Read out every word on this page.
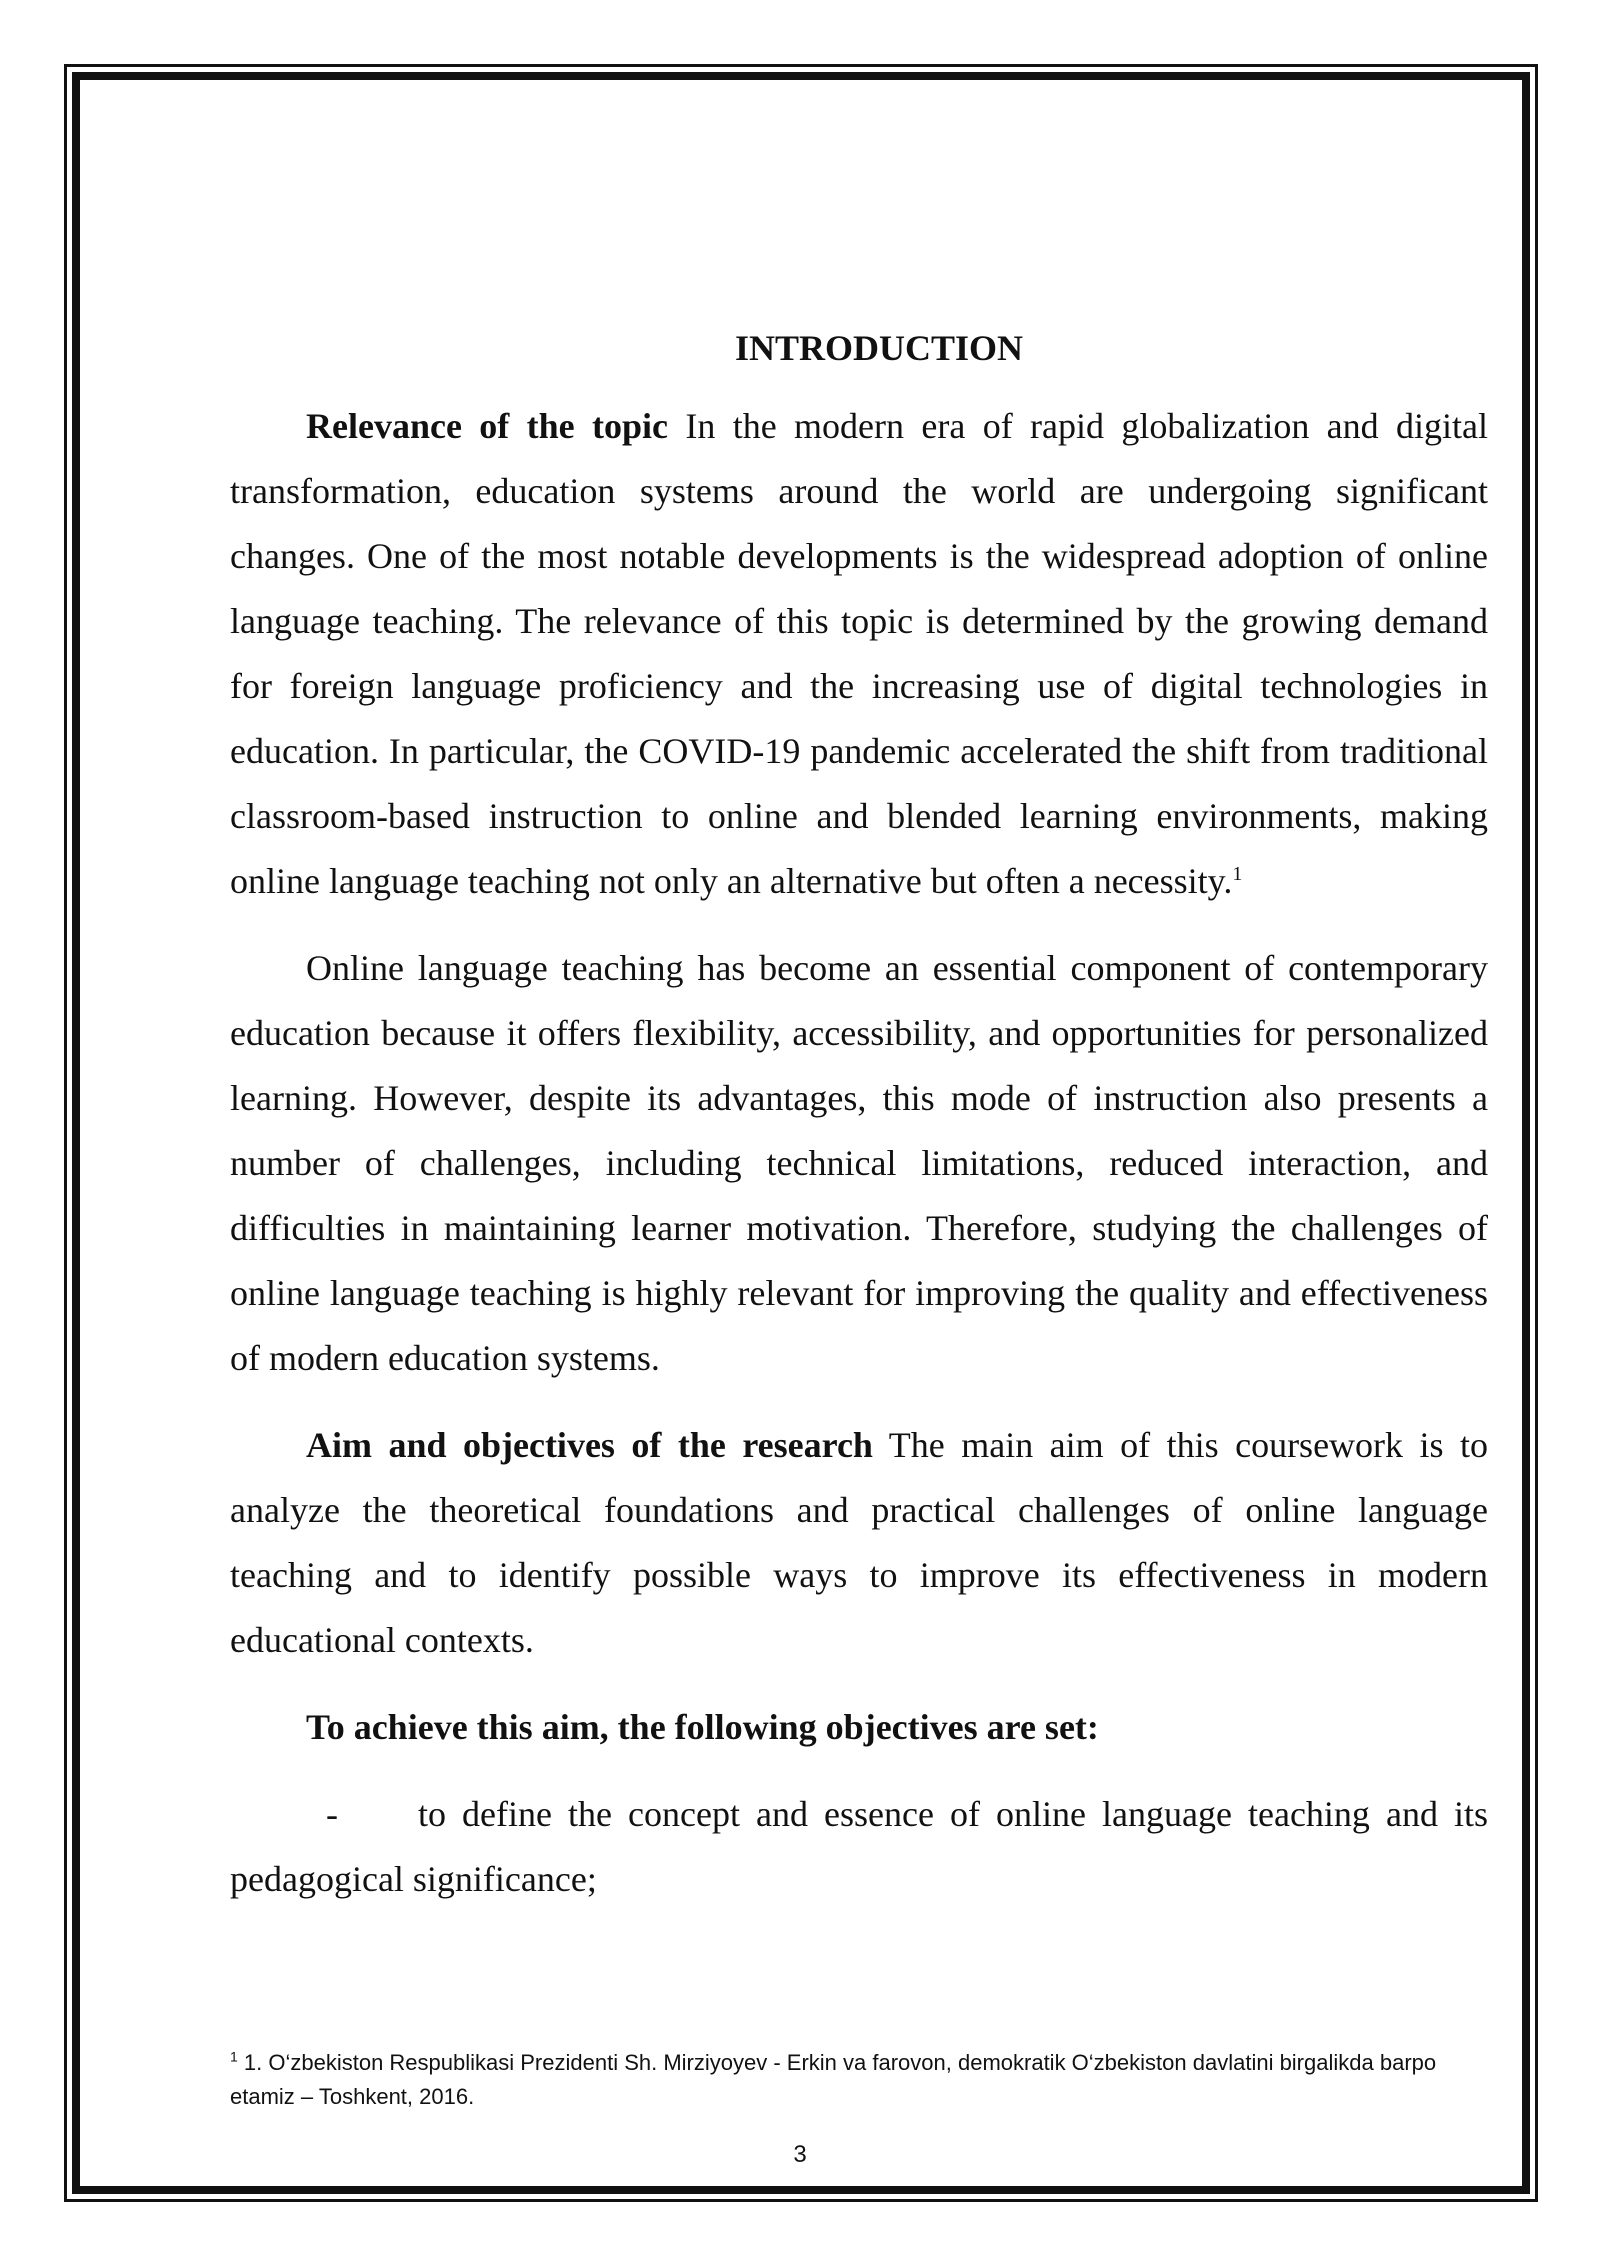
INTRODUCTION

Relevance of the topic In the modern era of rapid globalization and digital transformation, education systems around the world are undergoing significant changes. One of the most notable developments is the widespread adoption of online language teaching. The relevance of this topic is determined by the growing demand for foreign language proficiency and the increasing use of digital technologies in education. In particular, the COVID-19 pandemic accelerated the shift from traditional classroom-based instruction to online and blended learning environments, making online language teaching not only an alternative but often a necessity.$^1$

Online language teaching has become an essential component of contemporary education because it offers flexibility, accessibility, and opportunities for personalized learning. However, despite its advantages, this mode of instruction also presents a number of challenges, including technical limitations, reduced interaction, and difficulties in maintaining learner motivation. Therefore, studying the challenges of online language teaching is highly relevant for improving the quality and effectiveness of modern education systems.

Aim and objectives of the research The main aim of this coursework is to analyze the theoretical foundations and practical challenges of online language teaching and to identify possible ways to improve its effectiveness in modern educational contexts.

To achieve this aim, the following objectives are set:

- to define the concept and essence of online language teaching and its pedagogical significance;

$^1$ 1. O‘zbekiston Respublikasi Prezidenti Sh. Mirziyoyev - Erkin va farovon, demokratik O‘zbekiston davlatini birgalikda barpo etamiz – Toshkent, 2016.
3
